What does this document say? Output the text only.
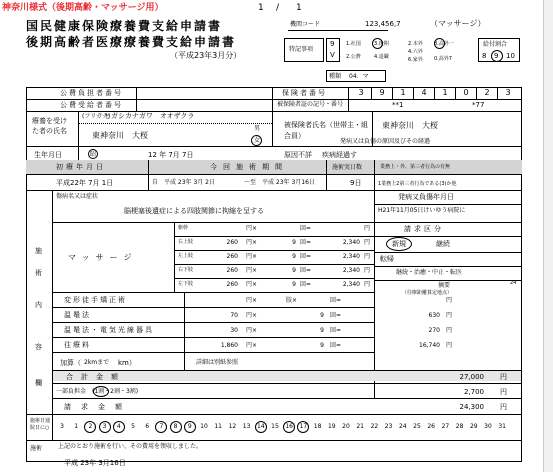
神奈川様式（後期高齢・マッサージ用）	1 / 1
国民健康保険療養費支給申請書
後期高齢者医療療養費支給申請書
（平成23年3月分）
機関コード	123,456,7	（マッサージ）
特記事項
9
V
1.社国	3.後期	2.本外 8.高外一
2.公費	4.退職
4.六外
6.家外 0.高外7
給付割合
8 9 10
種類 04．マ
公費負担者番号
公費受給者番号
保険者番号
被保険者証の記号・番号
3	9	1	4	1	0	2	3
**1	*77
療養を受けた者の氏名
(フリガナ)
ヒガシカナガワ　オオザクラ
東神奈川　大桜
男
女
被保険者氏名（世帯主・組合員）
東神奈川　大桜
生年月日	昭	12 年 7月 7日
発病又は負傷の原因及びその経過
原因不詳 疾病経過す
初療年月日
平成22年 7月 1日
今回施術期間
自　平成 23年 3月 2日	～至　平成 23年 3月16日
施術実日数
9日
業務上・外、第三者行為の有無
1業務上2第三者行為である(3)か他
傷病名又は症状
脳梗塞後遺症による四肢関節に拘縮を呈する
発病又負傷年月日
H21年11月05日けいゆう病院に
請求区分
新規	継続
転帰
継続・治癒・中止・転医
摘要	24
（往療距離算定地点）
施
術
内
容
欄
マッサージ
躯幹	円×	回=	円
右上肢	260 円×	9 回=	2,340 円
左上肢	260 円×	9 回=	2,340 円
右下肢	260 円×	9 回=	2,340 円
左下肢	260 円×	9 回=	2,340 円
変形徒手矯正術	円×	肢×	回=	円
温罨法	70 円×	9 回=	630 円
温罨法・電気光線器具	30 円×	9 回=	270 円
往療料	1,860 円×	9 回=	16,740 円
2kmまで
加算（	km）	詳細は別紙参照
合計金額	27,000 円
一部負担金 (1割・2割・3割)	2,700 円
請求金額	24,300 円
施術日通院日に○	3	1	2	3	4	5	6	7	8	9	10	11	12	13	14	15	16	17	18	19	20	21	22	23	24	25	26	27	28	29	30	31
施術	上記のとおり施術を行い、その費用を領収しました。
平成 23年 3月16日
